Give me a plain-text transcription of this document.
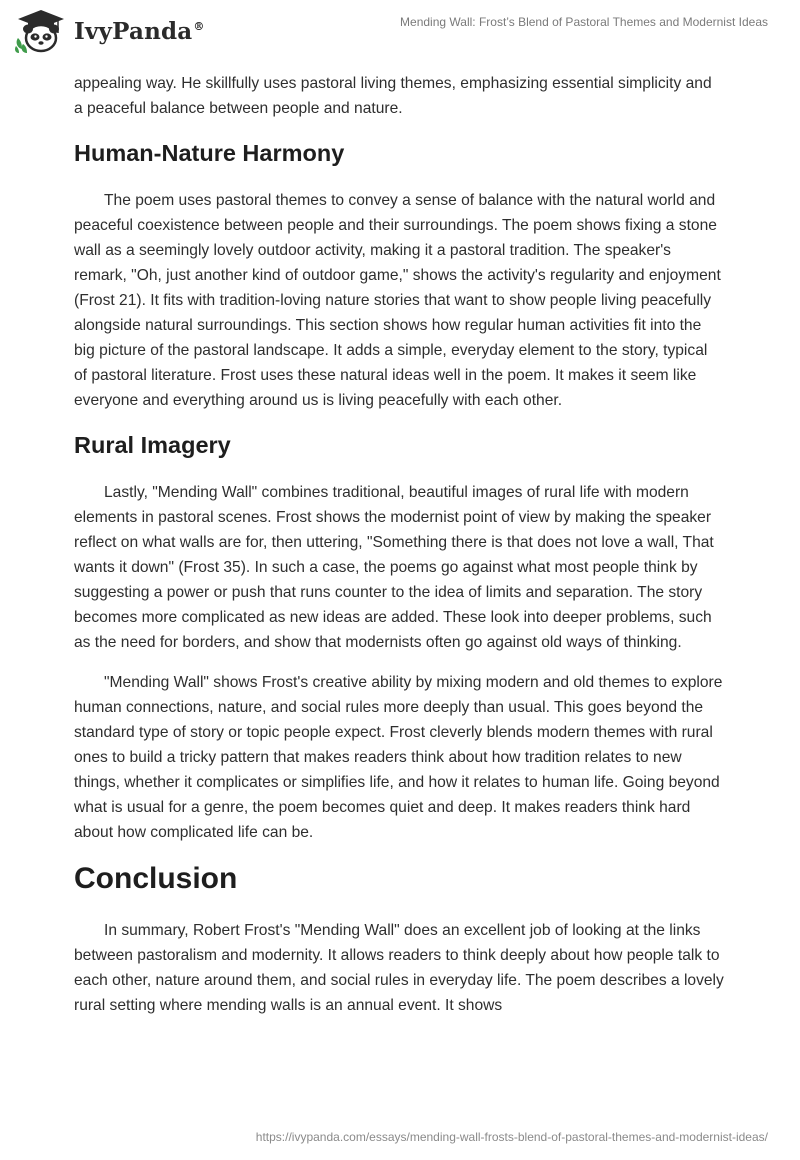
IvyPanda®	Mending Wall: Frost’s Blend of Pastoral Themes and Modernist Ideas

appealing way. He skillfully uses pastoral living themes, emphasizing essential simplicity and a peaceful balance between people and nature.

Human-Nature Harmony

The poem uses pastoral themes to convey a sense of balance with the natural world and peaceful coexistence between people and their surroundings. The poem shows fixing a stone wall as a seemingly lovely outdoor activity, making it a pastoral tradition. The speaker's remark, "Oh, just another kind of outdoor game," shows the activity's regularity and enjoyment (Frost 21). It fits with tradition-loving nature stories that want to show people living peacefully alongside natural surroundings. This section shows how regular human activities fit into the big picture of the pastoral landscape. It adds a simple, everyday element to the story, typical of pastoral literature. Frost uses these natural ideas well in the poem. It makes it seem like everyone and everything around us is living peacefully with each other.

Rural Imagery

Lastly, "Mending Wall" combines traditional, beautiful images of rural life with modern elements in pastoral scenes. Frost shows the modernist point of view by making the speaker reflect on what walls are for, then uttering, "Something there is that does not love a wall, That wants it down" (Frost 35). In such a case, the poems go against what most people think by suggesting a power or push that runs counter to the idea of limits and separation. The story becomes more complicated as new ideas are added. These look into deeper problems, such as the need for borders, and show that modernists often go against old ways of thinking.

"Mending Wall" shows Frost's creative ability by mixing modern and old themes to explore human connections, nature, and social rules more deeply than usual. This goes beyond the standard type of story or topic people expect. Frost cleverly blends modern themes with rural ones to build a tricky pattern that makes readers think about how tradition relates to new things, whether it complicates or simplifies life, and how it relates to human life. Going beyond what is usual for a genre, the poem becomes quiet and deep. It makes readers think hard about how complicated life can be.

Conclusion

In summary, Robert Frost's "Mending Wall" does an excellent job of looking at the links between pastoralism and modernity. It allows readers to think deeply about how people talk to each other, nature around them, and social rules in everyday life. The poem describes a lovely rural setting where mending walls is an annual event. It shows

https://ivypanda.com/essays/mending-wall-frosts-blend-of-pastoral-themes-and-modernist-ideas/
